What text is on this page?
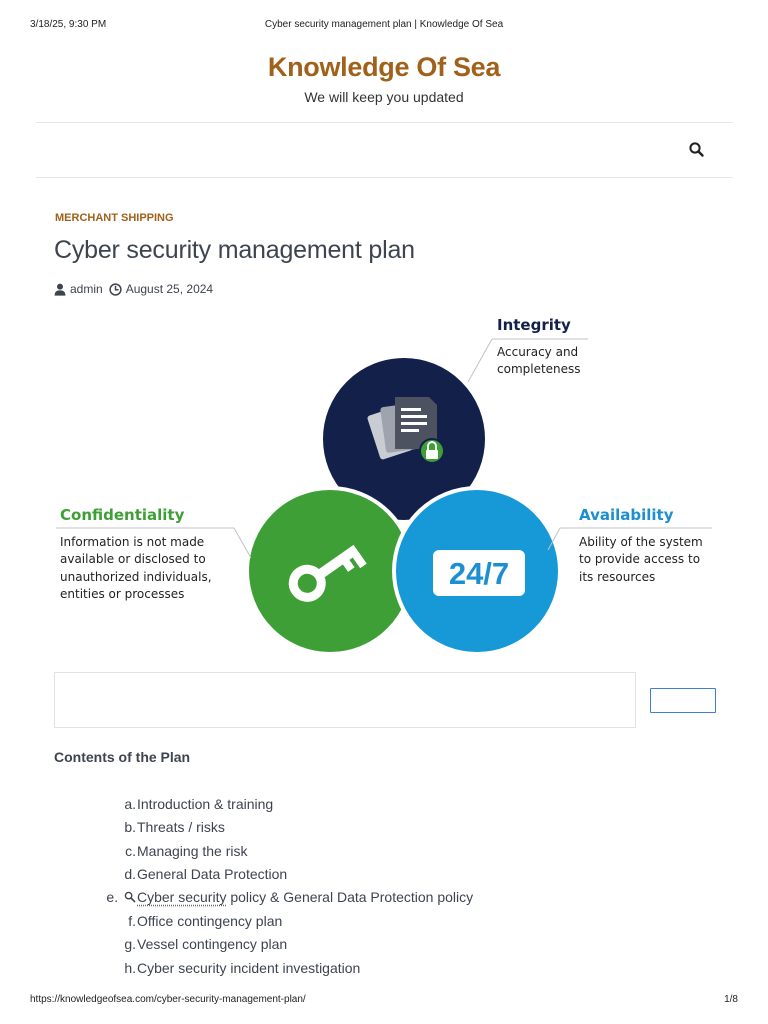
3/18/25, 9:30 PM	Cyber security management plan | Knowledge Of Sea
Knowledge Of Sea
We will keep you updated
MERCHANT SHIPPING
Cyber security management plan
admin August 25, 2024
24/7
Integrity
Accuracy and
completeness
Confidentiality
Information is not made
available or disclosed to
unauthorized individuals,
entities or processes
Availability
Ability of the system
to provide access to
its resources
Contents of the Plan
a. Introduction & training
b. Threats / risks
c. Managing the risk
d. General Data Protection
e.	Cyber security policy & General Data Protection policy
f. Office contingency plan
g. Vessel contingency plan
h. Cyber security incident investigation
https://knowledgeofsea.com/cyber-security-management-plan/	1/8
